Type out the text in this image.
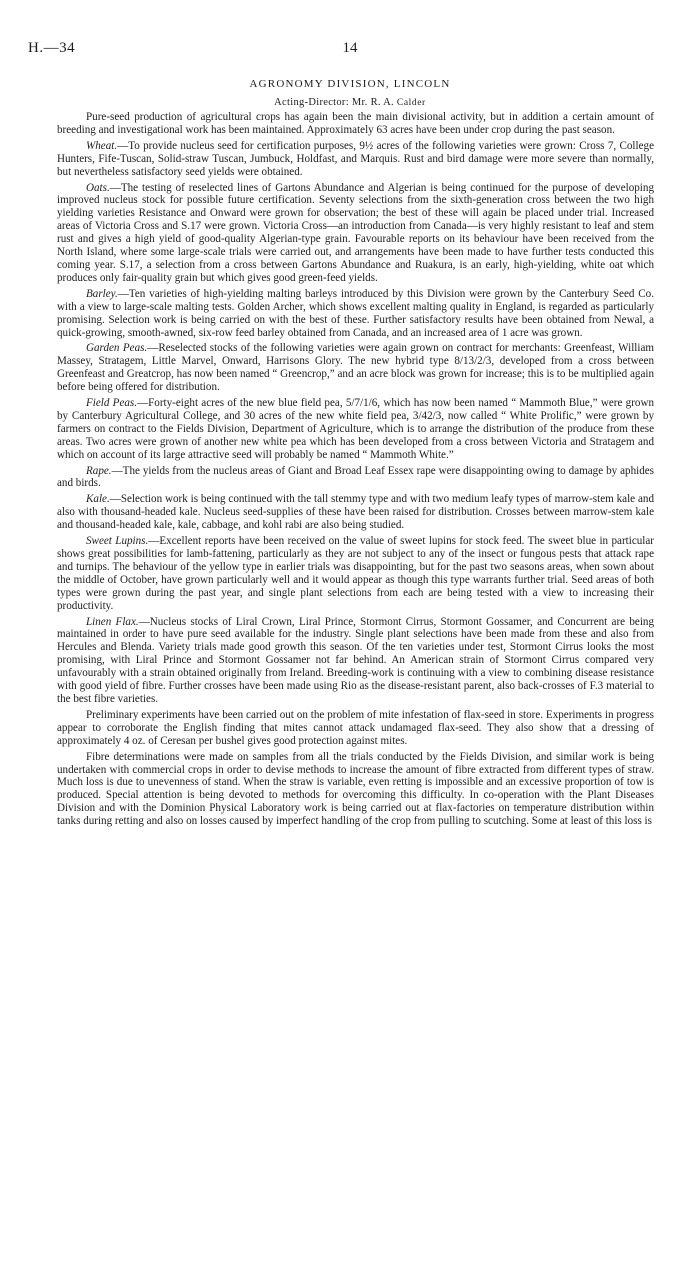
H.—34	14
AGRONOMY DIVISION, LINCOLN
Acting-Director: Mr. R. A. Calder

Pure-seed production of agricultural crops has again been the main divisional activity, but in addition a certain amount of breeding and investigational work has been maintained. Approximately 63 acres have been under crop during the past season.

Wheat.—To provide nucleus seed for certification purposes, 9½ acres of the following varieties were grown: Cross 7, College Hunters, Fife-Tuscan, Solid-straw Tuscan, Jumbuck, Holdfast, and Marquis. Rust and bird damage were more severe than normally, but nevertheless satisfactory seed yields were obtained.

Oats.—The testing of reselected lines of Gartons Abundance and Algerian is being continued for the purpose of developing improved nucleus stock for possible future certification. Seventy selections from the sixth-generation cross between the two high yielding varieties Resistance and Onward were grown for observation; the best of these will again be placed under trial. Increased areas of Victoria Cross and S.17 were grown. Victoria Cross—an introduction from Canada—is very highly resistant to leaf and stem rust and gives a high yield of good-quality Algerian-type grain. Favourable reports on its behaviour have been received from the North Island, where some large-scale trials were carried out, and arrangements have been made to have further tests conducted this coming year. S.17, a selection from a cross between Gartons Abundance and Ruakura, is an early, high-yielding, white oat which produces only fair-quality grain but which gives good green-feed yields.

Barley.—Ten varieties of high-yielding malting barleys introduced by this Division were grown by the Canterbury Seed Co. with a view to large-scale malting tests. Golden Archer, which shows excellent malting quality in England, is regarded as particularly promising. Selection work is being carried on with the best of these. Further satisfactory results have been obtained from Newal, a quick-growing, smooth-awned, six-row feed barley obtained from Canada, and an increased area of 1 acre was grown.

Garden Peas.—Reselected stocks of the following varieties were again grown on contract for merchants: Greenfeast, William Massey, Stratagem, Little Marvel, Onward, Harrisons Glory. The new hybrid type 8/13/2/3, developed from a cross between Greenfeast and Greatcrop, has now been named “ Greencrop,” and an acre block was grown for increase; this is to be multiplied again before being offered for distribution.

Field Peas.—Forty-eight acres of the new blue field pea, 5/7/1/6, which has now been named “ Mammoth Blue,” were grown by Canterbury Agricultural College, and 30 acres of the new white field pea, 3/42/3, now called “ White Prolific,” were grown by farmers on contract to the Fields Division, Department of Agriculture, which is to arrange the distribution of the produce from these areas. Two acres were grown of another new white pea which has been developed from a cross between Victoria and Stratagem and which on account of its large attractive seed will probably be named “ Mammoth White.”

Rape.—The yields from the nucleus areas of Giant and Broad Leaf Essex rape were disappointing owing to damage by aphides and birds.

Kale.—Selection work is being continued with the tall stemmy type and with two medium leafy types of marrow-stem kale and also with thousand-headed kale. Nucleus seed-supplies of these have been raised for distribution. Crosses between marrow-stem kale and thousand-headed kale, kale, cabbage, and kohl rabi are also being studied.

Sweet Lupins.—Excellent reports have been received on the value of sweet lupins for stock feed. The sweet blue in particular shows great possibilities for lamb-fattening, particularly as they are not subject to any of the insect or fungous pests that attack rape and turnips. The behaviour of the yellow type in earlier trials was disappointing, but for the past two seasons areas, when sown about the middle of October, have grown particularly well and it would appear as though this type warrants further trial. Seed areas of both types were grown during the past year, and single plant selections from each are being tested with a view to increasing their productivity.

Linen Flax.—Nucleus stocks of Liral Crown, Liral Prince, Stormont Cirrus, Stormont Gossamer, and Concurrent are being maintained in order to have pure seed available for the industry. Single plant selections have been made from these and also from Hercules and Blenda. Variety trials made good growth this season. Of the ten varieties under test, Stormont Cirrus looks the most promising, with Liral Prince and Stormont Gossamer not far behind. An American strain of Stormont Cirrus compared very unfavourably with a strain obtained originally from Ireland. Breeding-work is continuing with a view to combining disease resistance with good yield of fibre. Further crosses have been made using Rio as the disease-resistant parent, also back-crosses of F.3 material to the best fibre varieties.

Preliminary experiments have been carried out on the problem of mite infestation of flax-seed in store. Experiments in progress appear to corroborate the English finding that mites cannot attack undamaged flax-seed. They also show that a dressing of approximately 4 oz. of Ceresan per bushel gives good protection against mites.

Fibre determinations were made on samples from all the trials conducted by the Fields Division, and similar work is being undertaken with commercial crops in order to devise methods to increase the amount of fibre extracted from different types of straw. Much loss is due to unevenness of stand. When the straw is variable, even retting is impossible and an excessive proportion of tow is produced. Special attention is being devoted to methods for overcoming this difficulty. In co-operation with the Plant Diseases Division and with the Dominion Physical Laboratory work is being carried out at flax-factories on temperature distribution within tanks during retting and also on losses caused by imperfect handling of the crop from pulling to scutching. Some at least of this loss is
